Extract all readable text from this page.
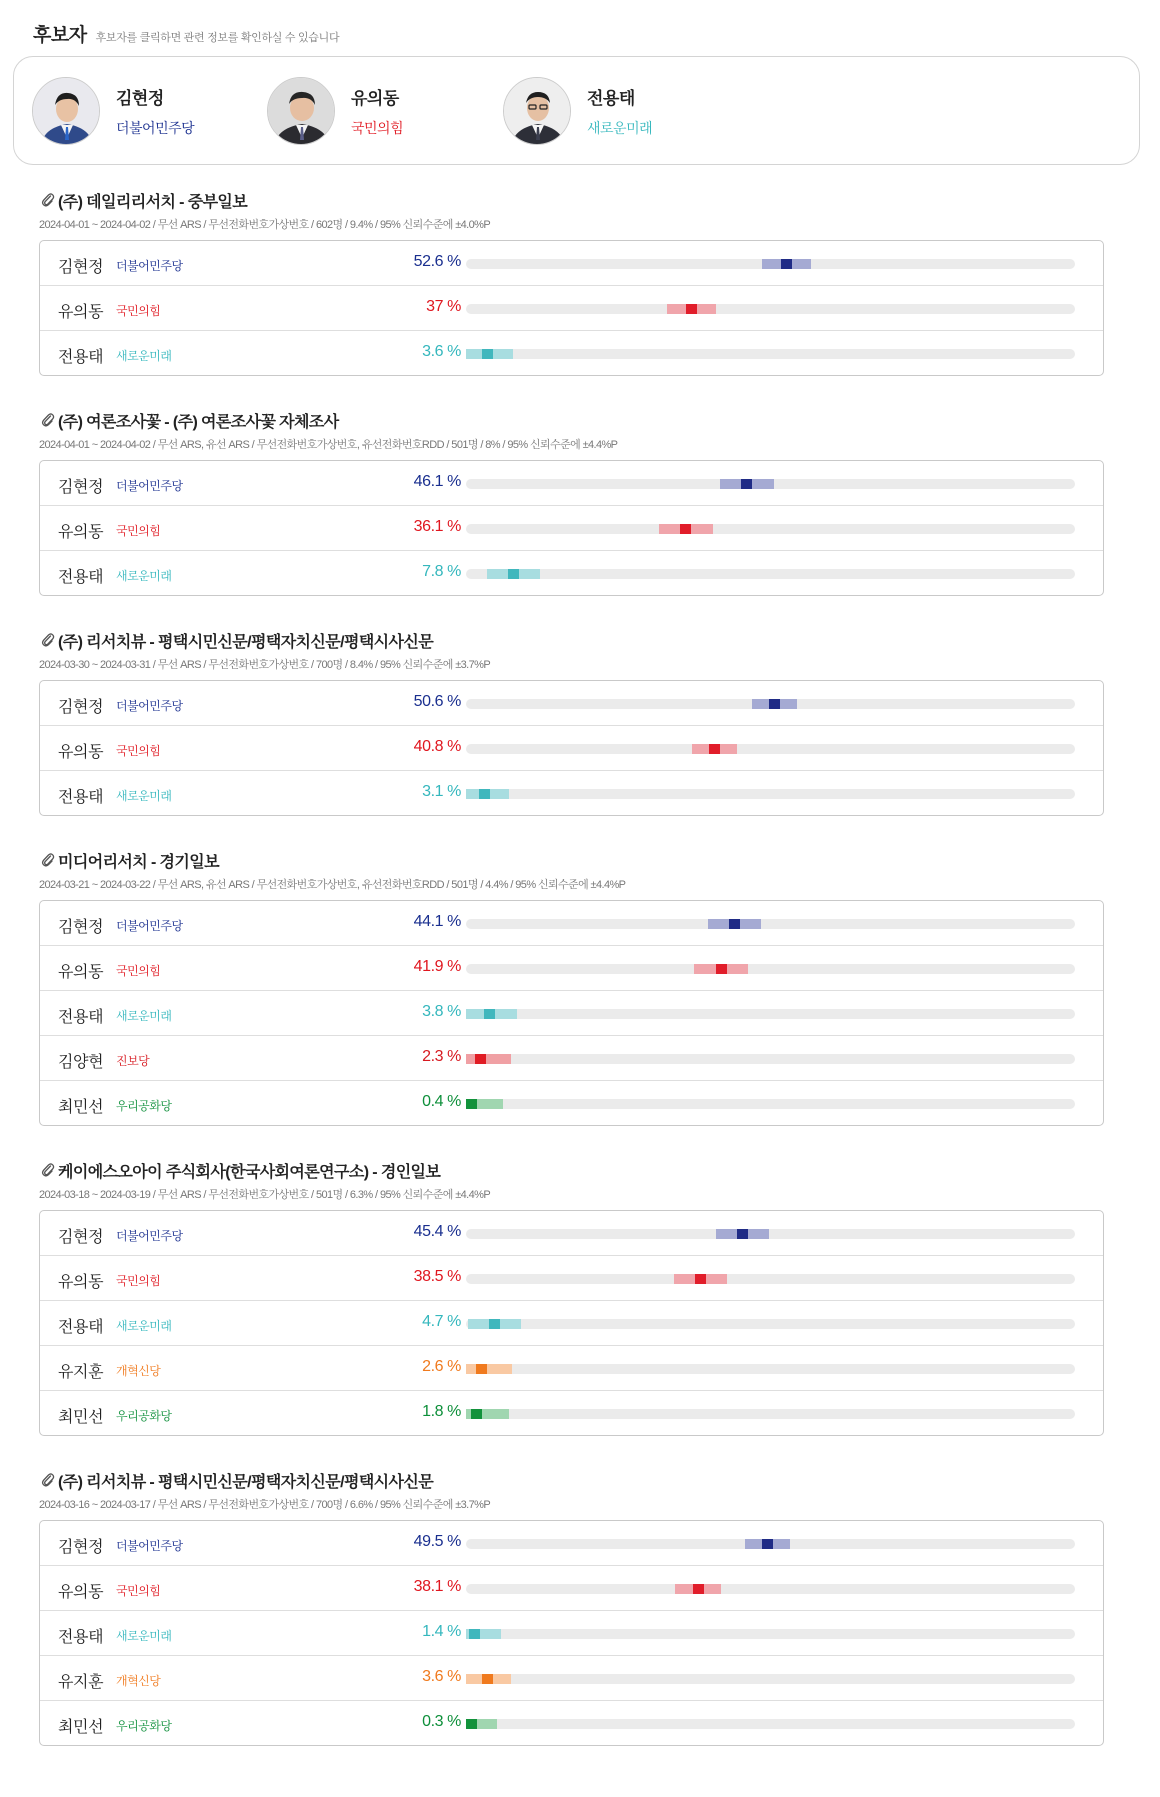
후보자 후보자를 클릭하면 관련 정보를 확인하실 수 있습니다
김현정
더불어민주당
유의동
국민의힘
전용태
새로운미래
(주) 데일리리서치 - 중부일보
2024-04-01 ~ 2024-04-02 / 무선 ARS / 무선전화번호가상번호 / 602명 / 9.4% / 95% 신뢰수준에 ±4.0%P
김현정 더불어민주당	52.6 %
유의동 국민의힘	37 %
전용태 새로운미래	3.6 %
(주) 여론조사꽃 - (주) 여론조사꽃 자체조사
2024-04-01 ~ 2024-04-02 / 무선 ARS, 유선 ARS / 무선전화번호가상번호, 유선전화번호RDD / 501명 / 8% / 95% 신뢰수준에 ±4.4%P
김현정 더불어민주당	46.1 %
유의동 국민의힘	36.1 %
전용태 새로운미래	7.8 %
(주) 리서치뷰 - 평택시민신문/평택자치신문/평택시사신문
2024-03-30 ~ 2024-03-31 / 무선 ARS / 무선전화번호가상번호 / 700명 / 8.4% / 95% 신뢰수준에 ±3.7%P
김현정 더불어민주당	50.6 %
유의동 국민의힘	40.8 %
전용태 새로운미래	3.1 %
미디어리서치 - 경기일보
2024-03-21 ~ 2024-03-22 / 무선 ARS, 유선 ARS / 무선전화번호가상번호, 유선전화번호RDD / 501명 / 4.4% / 95% 신뢰수준에 ±4.4%P
김현정 더불어민주당	44.1 %
유의동 국민의힘	41.9 %
전용태 새로운미래	3.8 %
김양현 진보당	2.3 %
최민선 우리공화당	0.4 %
케이에스오아이 주식회사(한국사회여론연구소) - 경인일보
2024-03-18 ~ 2024-03-19 / 무선 ARS / 무선전화번호가상번호 / 501명 / 6.3% / 95% 신뢰수준에 ±4.4%P
김현정 더불어민주당	45.4 %
유의동 국민의힘	38.5 %
전용태 새로운미래	4.7 %
유지훈 개혁신당	2.6 %
최민선 우리공화당	1.8 %
(주) 리서치뷰 - 평택시민신문/평택자치신문/평택시사신문
2024-03-16 ~ 2024-03-17 / 무선 ARS / 무선전화번호가상번호 / 700명 / 6.6% / 95% 신뢰수준에 ±3.7%P
김현정 더불어민주당	49.5 %
유의동 국민의힘	38.1 %
전용태 새로운미래	1.4 %
유지훈 개혁신당	3.6 %
최민선 우리공화당	0.3 %
